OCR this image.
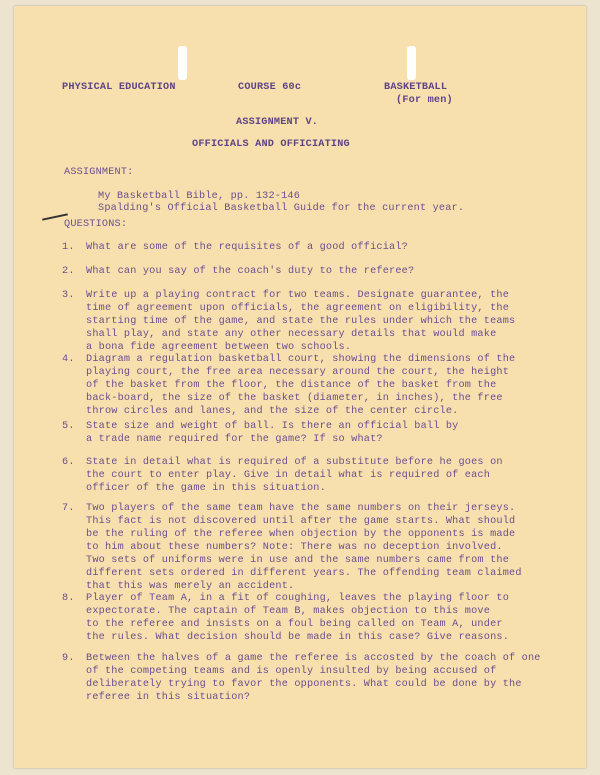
PHYSICAL EDUCATION	COURSE 60c	BASKETBALL
(For men)
ASSIGNMENT V.
OFFICIALS AND OFFICIATING
ASSIGNMENT:
My Basketball Bible, pp. 132-146
Spalding's Official Basketball Guide for the current year.
QUESTIONS:
1. What are some of the requisites of a good official?
2. What can you say of the coach's duty to the referee?
3. Write up a playing contract for two teams. Designate guarantee, the
time of agreement upon officials, the agreement on eligibility, the
starting time of the game, and state the rules under which the teams
shall play, and state any other necessary details that would make
a bona fide agreement between two schools.
4. Diagram a regulation basketball court, showing the dimensions of the
playing court, the free area necessary around the court, the height
of the basket from the floor, the distance of the basket from the
back-board, the size of the basket (diameter, in inches), the free
throw circles and lanes, and the size of the center circle.
5. State size and weight of ball. Is there an official ball by
a trade name required for the game? If so what?
6. State in detail what is required of a substitute before he goes on
the court to enter play. Give in detail what is required of each
officer of the game in this situation.
7. Two players of the same team have the same numbers on their jerseys.
This fact is not discovered until after the game starts. What should
be the ruling of the referee when objection by the opponents is made
to him about these numbers? Note: There was no deception involved.
Two sets of uniforms were in use and the same numbers came from the
different sets ordered in different years. The offending team claimed
that this was merely an accident.
8. Player of Team A, in a fit of coughing, leaves the playing floor to
expectorate. The captain of Team B, makes objection to this move
to the referee and insists on a foul being called on Team A, under
the rules. What decision should be made in this case? Give reasons.
9. Between the halves of a game the referee is accosted by the coach of one
of the competing teams and is openly insulted by being accused of
deliberately trying to favor the opponents. What could be done by the
referee in this situation?
